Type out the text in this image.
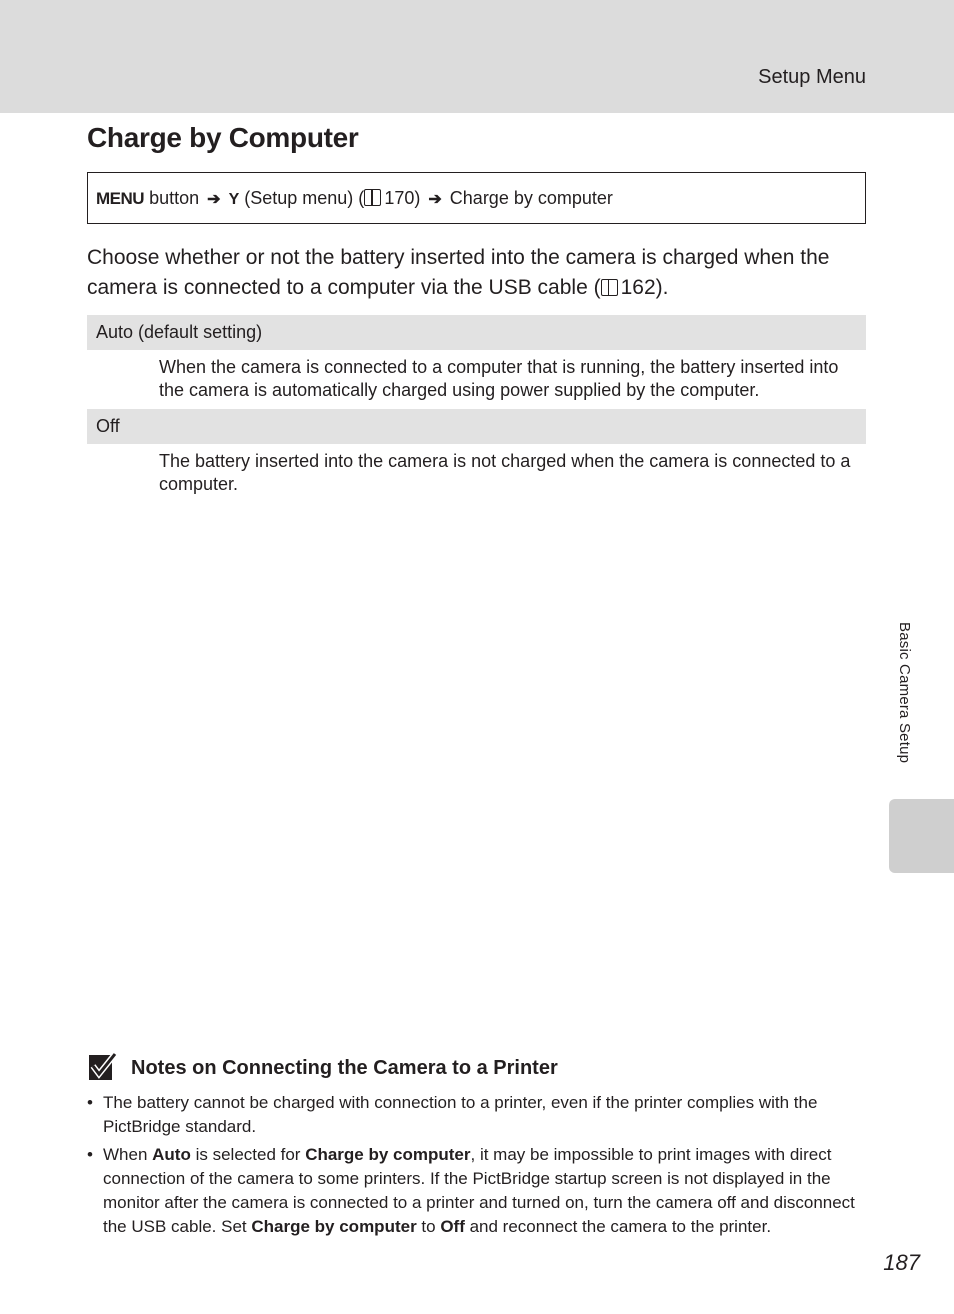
Setup Menu
Charge by Computer
MENU button ➔ Y (Setup menu) ( 170) ➔ Charge by computer

Choose whether or not the battery inserted into the camera is charged when the camera is connected to a computer via the USB cable ( 162).

Auto (default setting)

When the camera is connected to a computer that is running, the battery inserted into the camera is automatically charged using power supplied by the computer.

Off

The battery inserted into the camera is not charged when the camera is connected to a computer.

Basic Camera Setup
Notes on Connecting the Camera to a Printer
• The battery cannot be charged with connection to a printer, even if the printer complies with the PictBridge standard.
• When Auto is selected for Charge by computer, it may be impossible to print images with direct connection of the camera to some printers. If the PictBridge startup screen is not displayed in the monitor after the camera is connected to a printer and turned on, turn the camera off and disconnect the USB cable. Set Charge by computer to Off and reconnect the camera to the printer.
187
